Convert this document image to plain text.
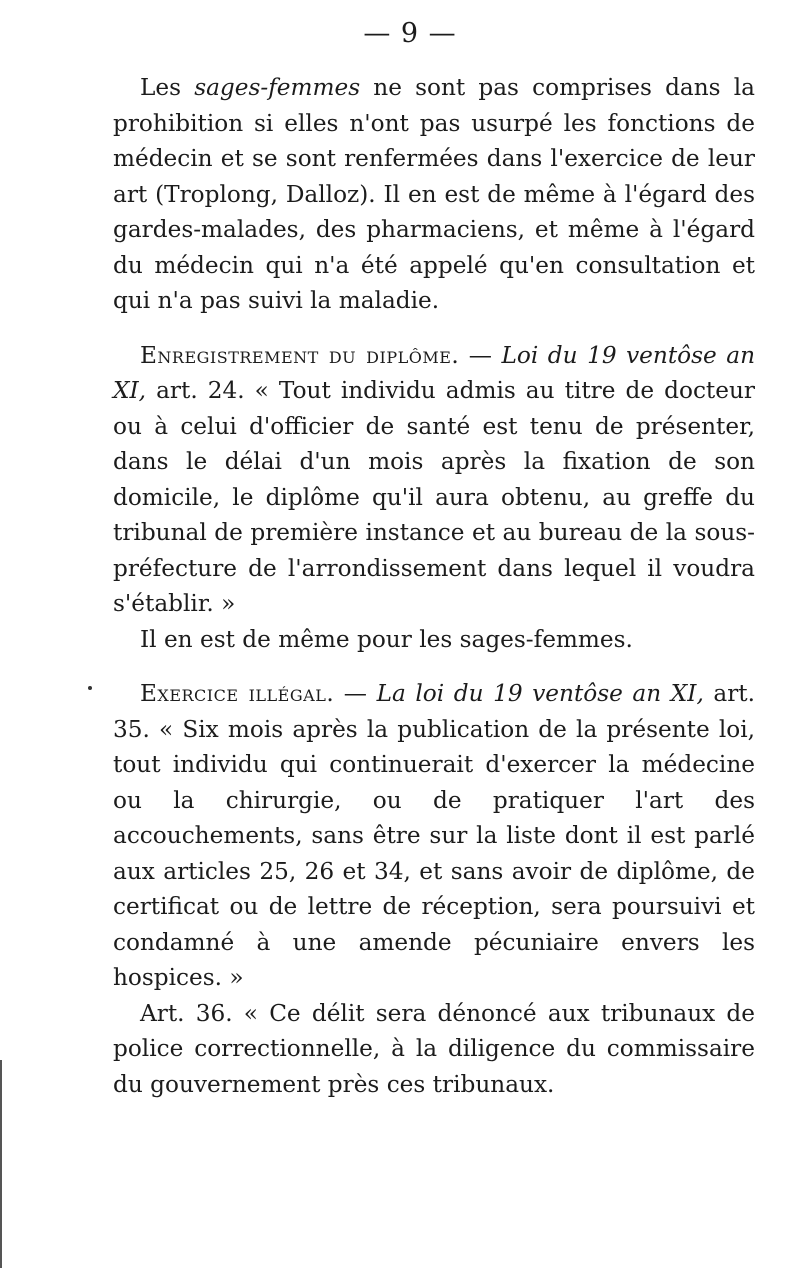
— 9 —

Les sages-femmes ne sont pas comprises dans la prohibition si elles n'ont pas usurpé les fonctions de médecin et se sont renfermées dans l'exercice de leur art (Troplong, Dalloz). Il en est de même à l'égard des gardes-malades, des pharmaciens, et même à l'égard du médecin qui n'a été appelé qu'en consultation et qui n'a pas suivi la maladie.

Enregistrement du diplôme. — Loi du 19 ventôse an XI, art. 24. « Tout individu admis au titre de docteur ou à celui d'officier de santé est tenu de présenter, dans le délai d'un mois après la fixation de son domicile, le diplôme qu'il aura obtenu, au greffe du tribunal de première instance et au bureau de la sous-préfecture de l'arrondissement dans lequel il voudra s'établir. »

Il en est de même pour les sages-femmes.

Exercice illégal. — La loi du 19 ventôse an XI, art. 35. « Six mois après la publication de la présente loi, tout individu qui continuerait d'exercer la médecine ou la chirurgie, ou de pratiquer l'art des accouchements, sans être sur la liste dont il est parlé aux articles 25, 26 et 34, et sans avoir de diplôme, de certificat ou de lettre de réception, sera poursuivi et condamné à une amende pécuniaire envers les hospices. »

Art. 36. « Ce délit sera dénoncé aux tribunaux de police correctionnelle, à la diligence du commissaire du gouvernement près ces tribunaux.
